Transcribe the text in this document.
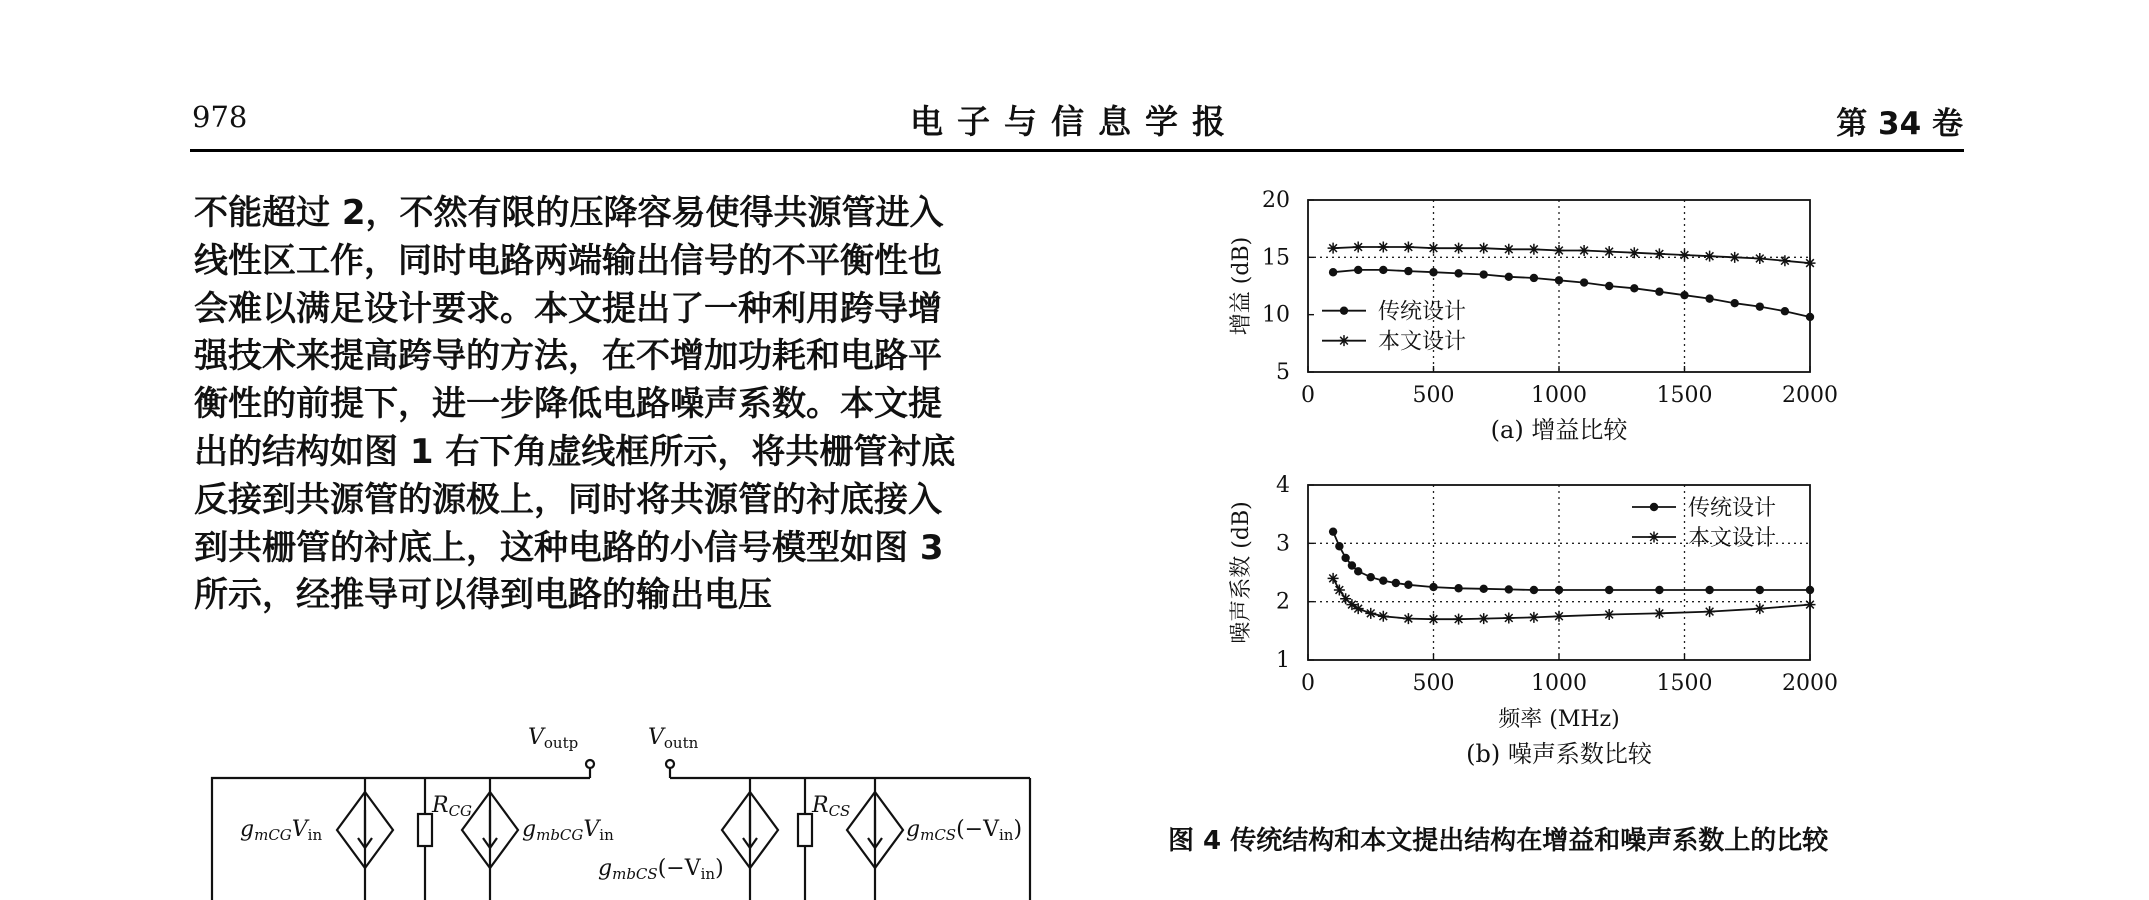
978	电子与信息学报	第 34 卷
不能超过 2，不然有限的压降容易使得共源管进入
线性区工作，同时电路两端输出信号的不平衡性也
会难以满足设计要求。本文提出了一种利用跨导增
强技术来提高跨导的方法，在不增加功耗和电路平
衡性的前提下，进一步降低电路噪声系数。本文提
出的结构如图 1 右下角虚线框所示，将共栅管衬底
反接到共源管的源极上，同时将共源管的衬底接入
到共栅管的衬底上，这种电路的小信号模型如图 3
所示，经推导可以得到电路的输出电压
Voutp	Voutn
RCG	RCS
gmCGVin	gmbCGVin
gmbCS(−Vin)
gmCS(−Vin)
0	500	1000	1500	2000
5
10
15
20
增益 (dB)
(a) 增益比较
传统设计
本文设计
0	500	1000	1500	2000
1
2
3
4
噪声系数 (dB)
频率 (MHz)
(b) 噪声系数比较
传统设计
本文设计
图 4 传统结构和本文提出结构在增益和噪声系数上的比较
